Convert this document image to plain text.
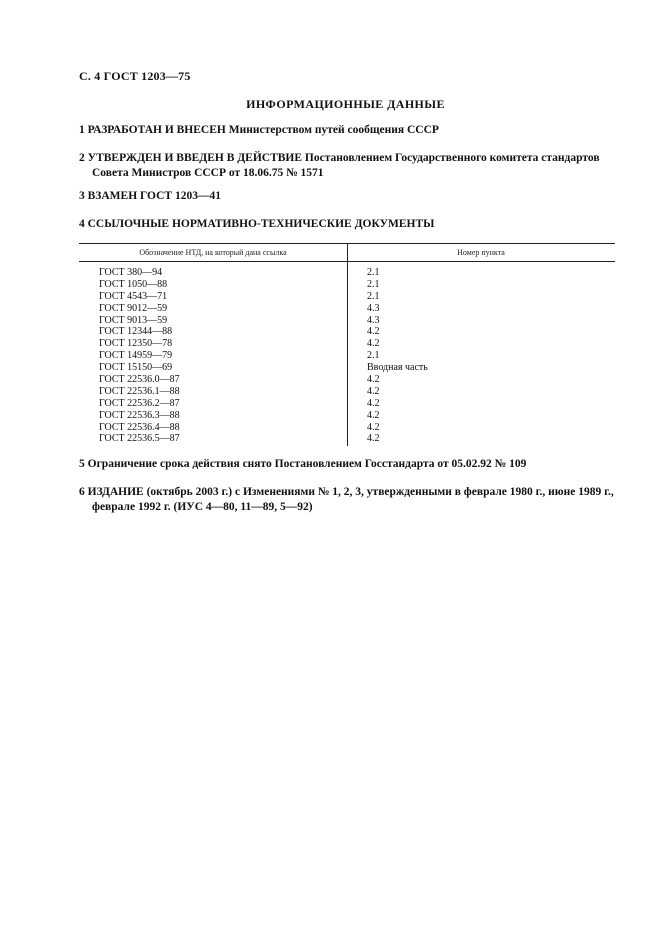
С. 4 ГОСТ 1203—75
ИНФОРМАЦИОННЫЕ ДАННЫЕ
1 РАЗРАБОТАН И ВНЕСЕН Министерством путей сообщения СССР
2 УТВЕРЖДЕН И ВВЕДЕН В ДЕЙСТВИЕ Постановлением Государственного комитета стандартов
Совета Министров СССР от 18.06.75 № 1571
3 ВЗАМЕН ГОСТ 1203—41
4 ССЫЛОЧНЫЕ НОРМАТИВНО-ТЕХНИЧЕСКИЕ ДОКУМЕНТЫ
Обозначение НТД, на который дана ссылка	Номер пункта
ГОСТ 380—94	2.1
ГОСТ 1050—88	2.1
ГОСТ 4543—71	2.1
ГОСТ 9012—59	4.3
ГОСТ 9013—59	4.3
ГОСТ 12344—88	4.2
ГОСТ 12350—78	4.2
ГОСТ 14959—79	2.1
ГОСТ 15150—69	Вводная часть
ГОСТ 22536.0—87	4.2
ГОСТ 22536.1—88	4.2
ГОСТ 22536.2—87	4.2
ГОСТ 22536.3—88	4.2
ГОСТ 22536.4—88	4.2
ГОСТ 22536.5—87	4.2
5 Ограничение срока действия снято Постановлением Госстандарта от 05.02.92 № 109
6 ИЗДАНИЕ (октябрь 2003 г.) с Изменениями № 1, 2, 3, утвержденными в феврале 1980 г., июне 1989 г.,
феврале 1992 г. (ИУС 4—80, 11—89, 5—92)
